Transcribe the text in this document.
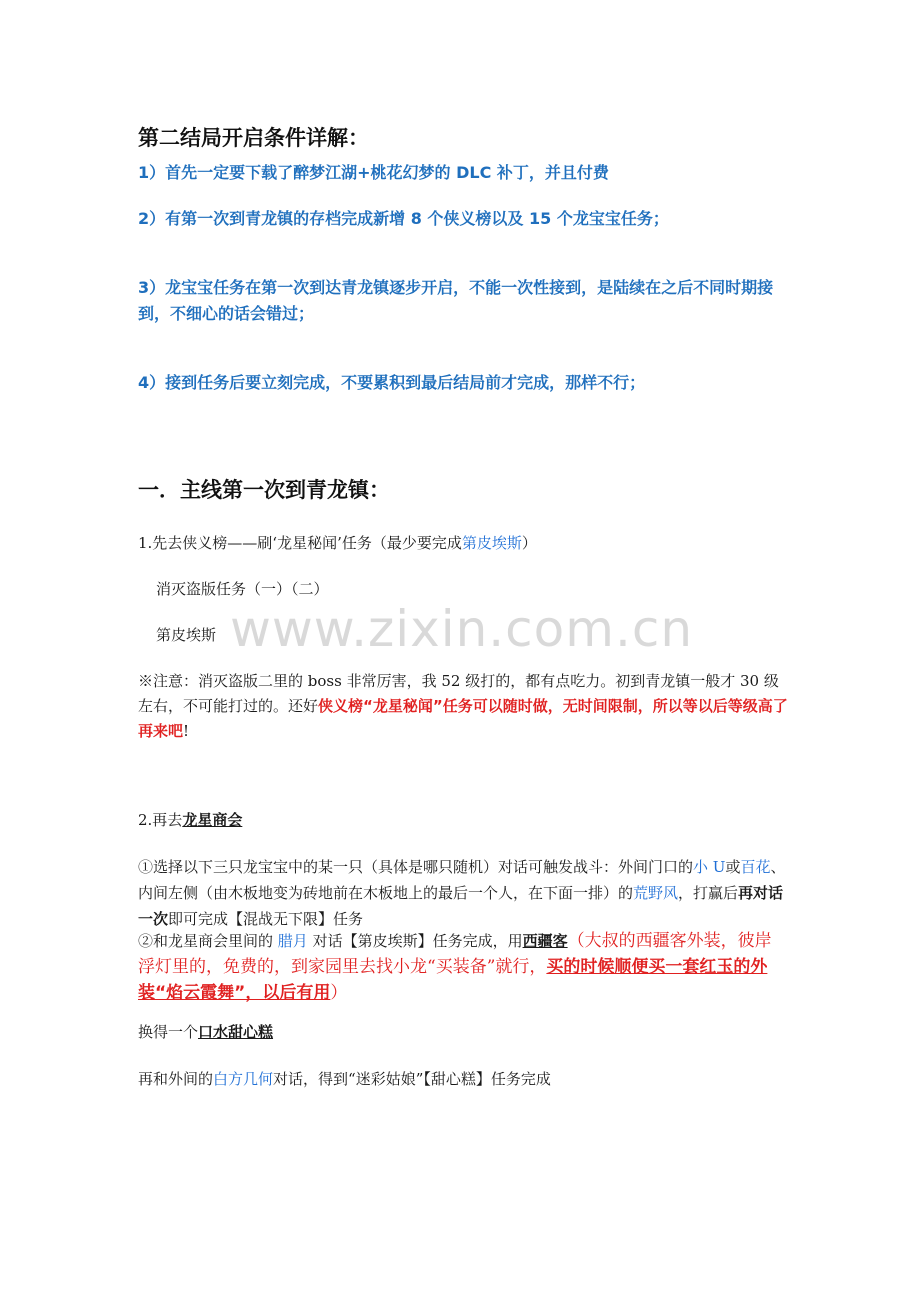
www.zixin.com.cn
第二结局开启条件详解：
1）首先一定要下载了醉梦江湖+桃花幻梦的 DLC 补丁，并且付费
2）有第一次到青龙镇的存档完成新增 8 个侠义榜以及 15 个龙宝宝任务；
3）龙宝宝任务在第一次到达青龙镇逐步开启，不能一次性接到，是陆续在之后不同时期接到，不细心的话会错过；
4）接到任务后要立刻完成，不要累积到最后结局前才完成，那样不行；
一．主线第一次到青龙镇：
1.先去侠义榜——刷‘龙星秘闻’任务（最少要完成第皮埃斯）
消灭盗版任务（一）（二）
第皮埃斯
※注意：消灭盗版二里的 boss 非常厉害，我 52 级打的，都有点吃力。初到青龙镇一般才 30 级左右，不可能打过的。还好侠义榜“龙星秘闻”任务可以随时做，无时间限制，所以等以后等级高了再来吧!
2.再去龙星商会
①选择以下三只龙宝宝中的某一只（具体是哪只随机）对话可触发战斗：外间门口的小 U或百花、内间左侧（由木板地变为砖地前在木板地上的最后一个人，在下面一排）的荒野风，打赢后再对话一次即可完成【混战无下限】任务
②和龙星商会里间的 腊月 对话【第皮埃斯】任务完成，用西疆客（大叔的西疆客外装，彼岸浮灯里的，免费的，到家园里去找小龙“买装备”就行，买的时候顺便买一套红玉的外装“焰云霞舞”，以后有用）
换得一个口水甜心糕
再和外间的白方几何对话，得到“迷彩姑娘”【甜心糕】任务完成
